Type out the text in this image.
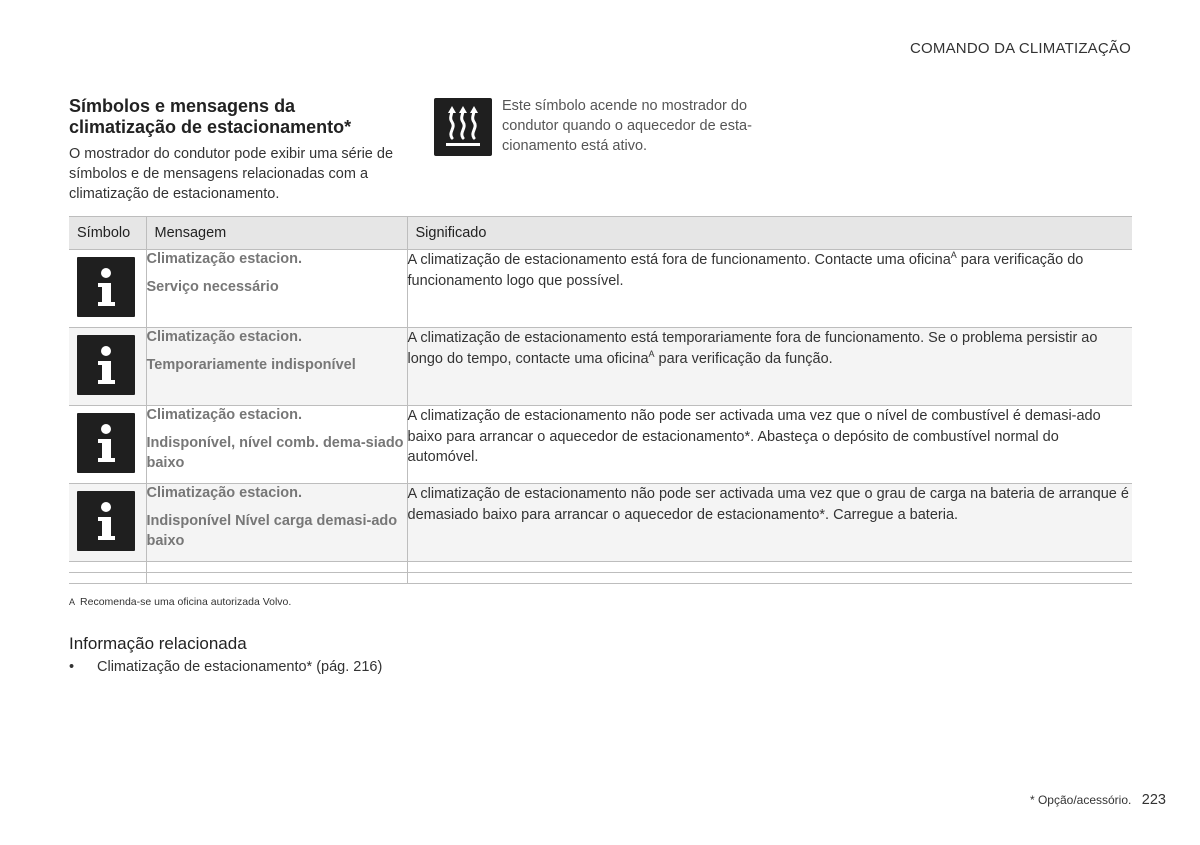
COMANDO DA CLIMATIZAÇÃO
Símbolos e mensagens da climatização de estacionamento*

O mostrador do condutor pode exibir uma série de símbolos e de mensagens relacionadas com a climatização de estacionamento.

Este símbolo acende no mostrador do condutor quando o aquecedor de esta-cionamento está ativo.
Símbolo	Mensagem	Significado

Climatização estacion.
Serviço necessário	A climatização de estacionamento está fora de funcionamento. Contacte uma oficina$^A$ para verificação do funcionamento logo que possível.

Climatização estacion.
Temporariamente indisponível	A climatização de estacionamento está temporariamente fora de funcionamento. Se o problema persistir ao longo do tempo, contacte uma oficina$^A$ para verificação da função.

Climatização estacion.
Indisponível, nível comb. dema-siado baixo	A climatização de estacionamento não pode ser activada uma vez que o nível de combustível é demasi-ado baixo para arrancar o aquecedor de estacionamento*. Abasteça o depósito de combustível normal do automóvel.

Climatização estacion.
Indisponível Nível carga demasi-ado baixo	A climatização de estacionamento não pode ser activada uma vez que o grau de carga na bateria de arranque é demasiado baixo para arrancar o aquecedor de estacionamento*. Carregue a bateria.

A Recomenda-se uma oficina autorizada Volvo.
Informação relacionada
• Climatização de estacionamento* (pág. 216)
* Opção/acessório. 223
